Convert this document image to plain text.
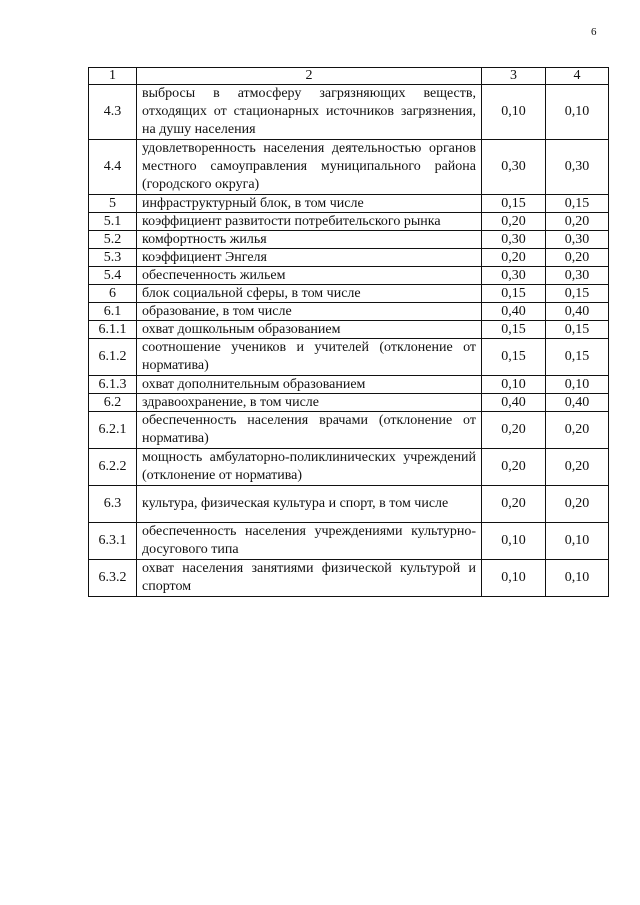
6
1	2	3	4
4.3	выбросы в атмосферу загрязняющих веществ, отходящих от стационарных источников загрязнения, на душу населения	0,10	0,10
4.4	удовлетворенность населения деятельностью органов местного самоуправления муниципального района (городского округа)	0,30	0,30
5	инфраструктурный блок, в том числе	0,15	0,15
5.1	коэффициент развитости потребительского рынка	0,20	0,20
5.2	комфортность жилья	0,30	0,30
5.3	коэффициент Энгеля	0,20	0,20
5.4	обеспеченность жильем	0,30	0,30
6	блок социальной сферы, в том числе	0,15	0,15
6.1	образование, в том числе	0,40	0,40
6.1.1	охват дошкольным образованием	0,15	0,15
6.1.2	соотношение учеников и учителей (отклонение от норматива)	0,15	0,15
6.1.3	охват дополнительным образованием	0,10	0,10
6.2	здравоохранение, в том числе	0,40	0,40
6.2.1	обеспеченность населения врачами (отклонение от норматива)	0,20	0,20
6.2.2	мощность амбулаторно-поликлинических учреждений (отклонение от норматива)	0,20	0,20
6.3	культура, физическая культура и спорт, в том числе	0,20	0,20
6.3.1	обеспеченность населения учреждениями культурно-досугового типа	0,10	0,10
6.3.2	охват населения занятиями физической культурой и спортом	0,10	0,10
